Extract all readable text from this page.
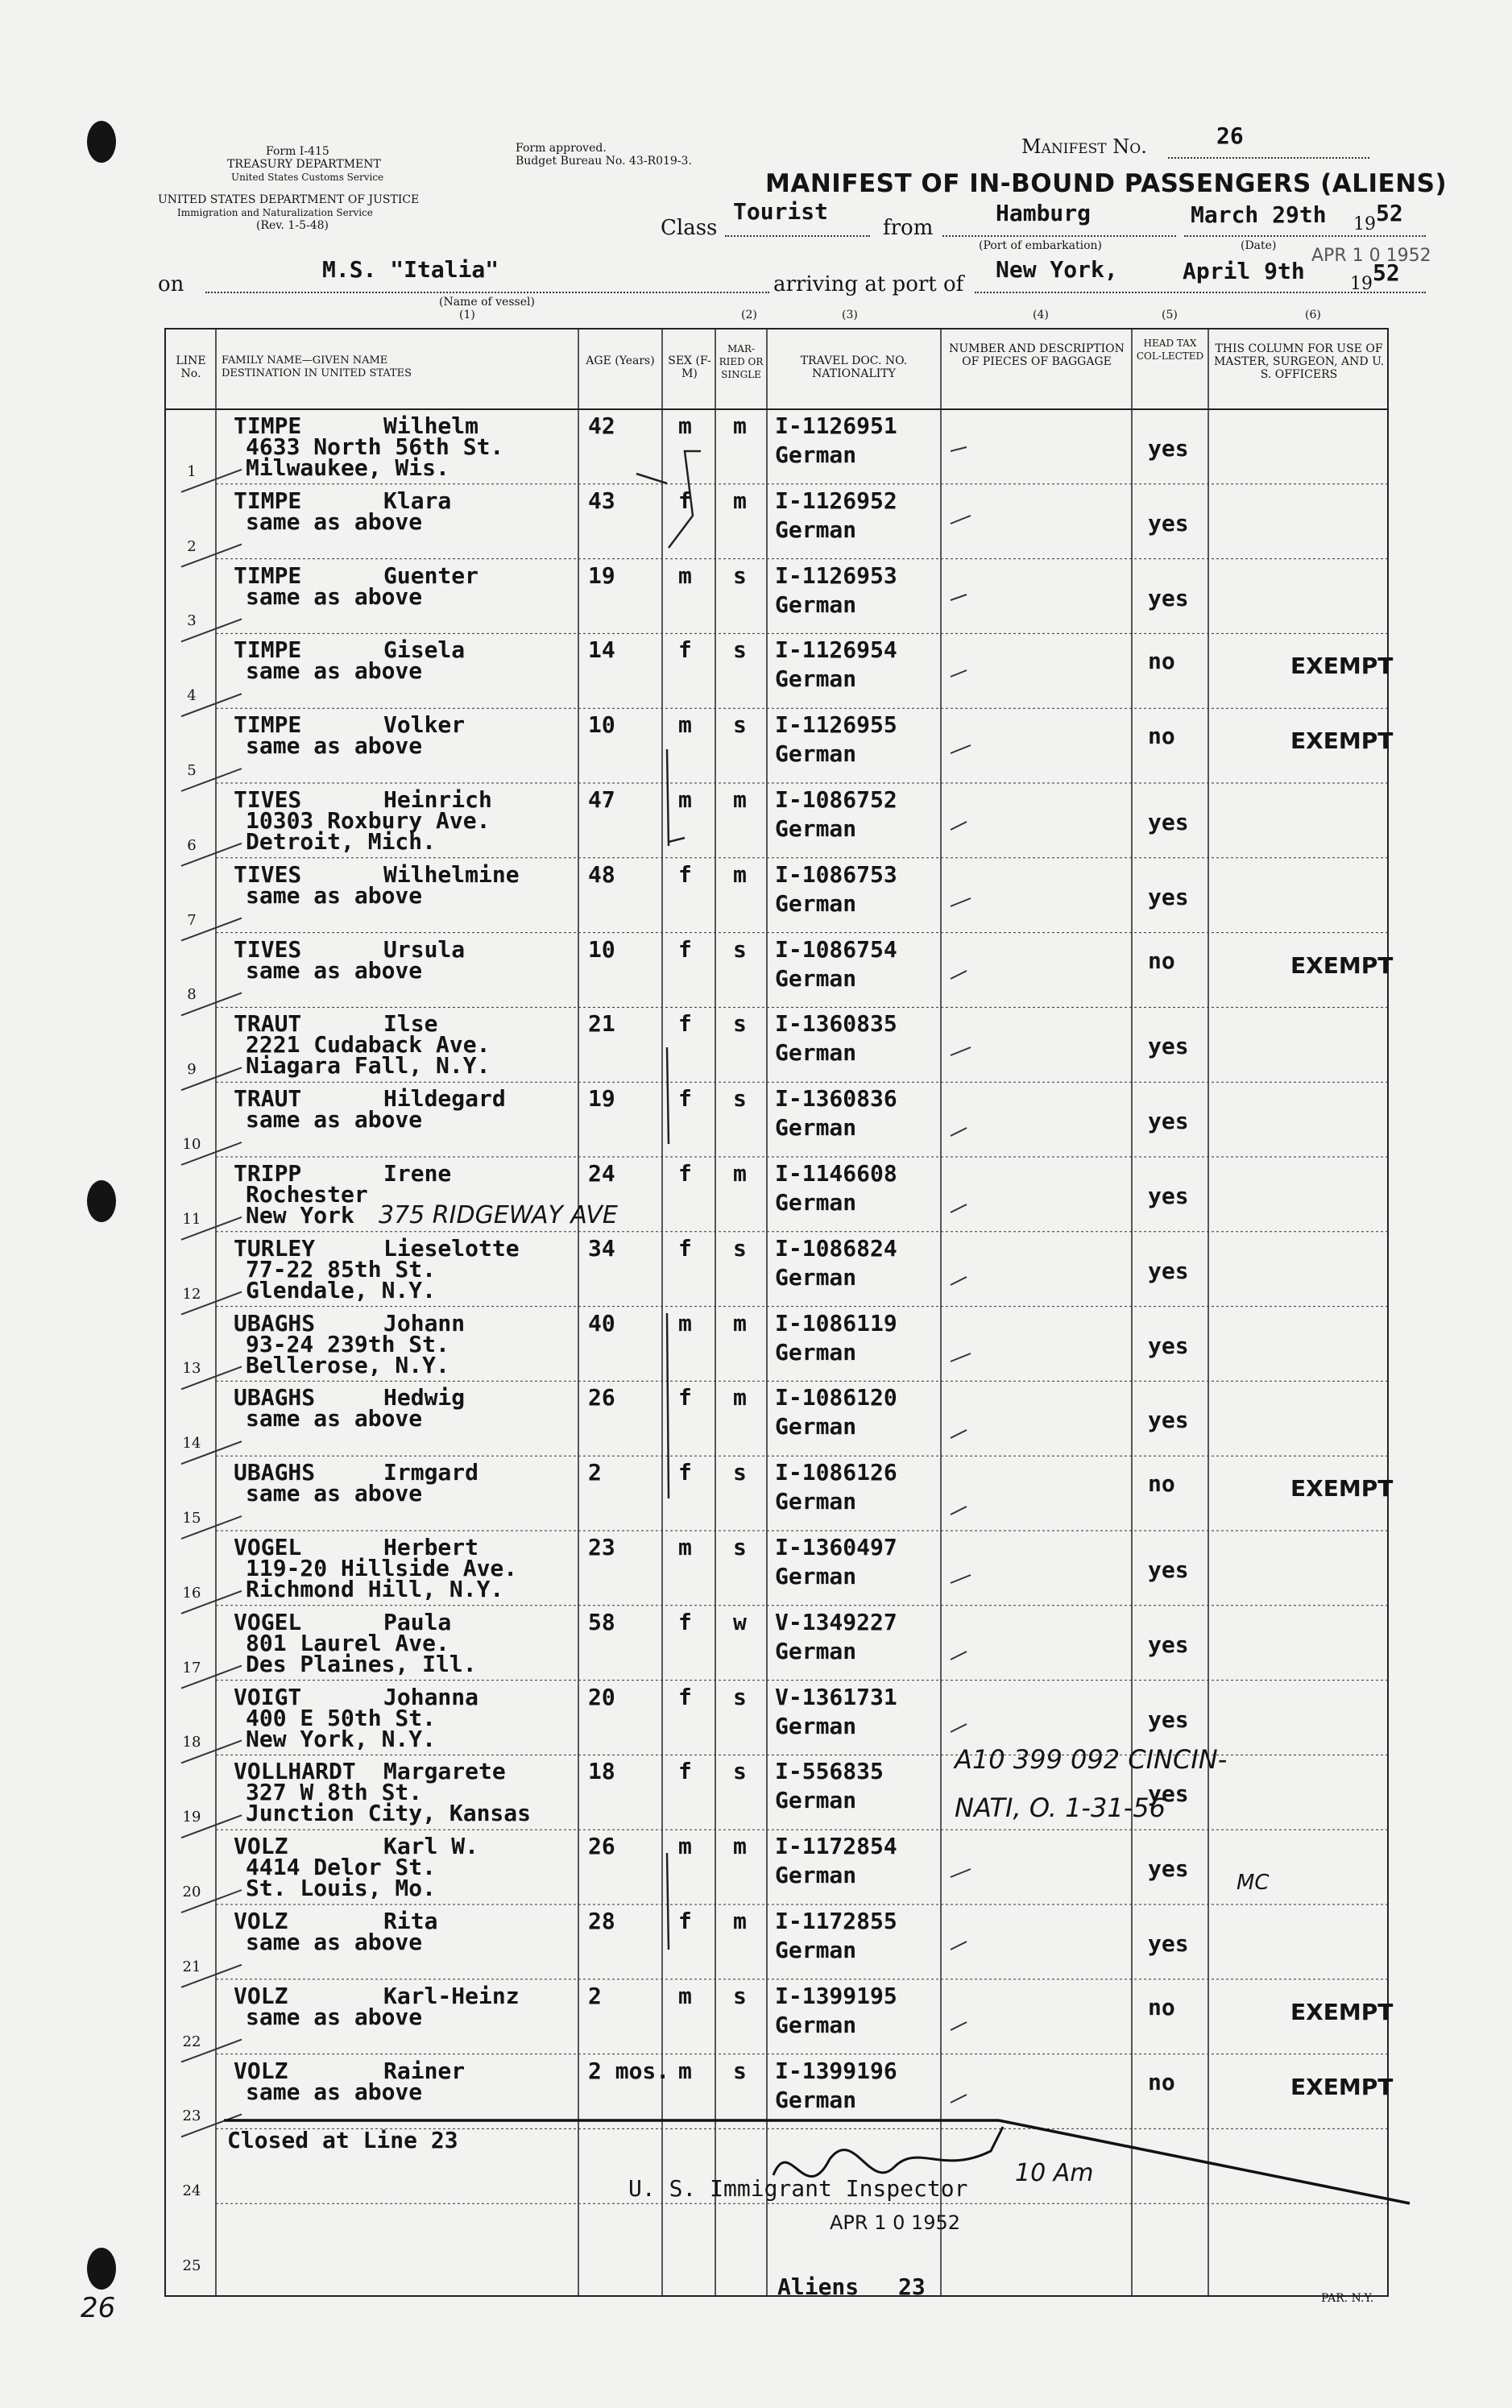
Form I-415
TREASURY DEPARTMENT
United States Customs Service
UNITED STATES DEPARTMENT OF JUSTICE
Immigration and Naturalization Service
(Rev. 1-5-48)
Form approved.
Budget Bureau No. 43-R019-3.
Manifest No.	26
MANIFEST OF IN-BOUND PASSENGERS (ALIENS)
Class
Tourist
from
Hamburg	March 29th 19 52
(Port of embarkation)	(Date) APR 1 0 1952
on
M.S. "Italia"
(Name of vessel)
arriving at port of
New York,	April 9th	19 52
(1)	(2)	(3)	(4)	(5)	(6)
LINE No.
FAMILY NAME—GIVEN NAME DESTINATION IN UNITED STATES
AGE (Years) SEX (F-M)
MAR-RIED OR SINGLE
TRAVEL DOC. NO. NATIONALITY
NUMBER AND DESCRIPTION OF PIECES OF BAGGAGE
HEAD TAX COL-LECTED
THIS COLUMN FOR USE OF MASTER, SURGEON, AND U. S. OFFICERS
1
TIMPE	Wilhelm
4633 North 56th St.
Milwaukee, Wis.
42	m m I-1126951
German	yes
2
TIMPE	Klara
same as above
43	f m I-1126952
German	yes
3
TIMPE	Guenter
same as above
19	m s I-1126953
German	yes
4
TIMPE	Gisela
same as above
14	f s I-1126954
German
no	EXEMPT
5
TIMPE	Volker
same as above
10	m s I-1126955
German
no	EXEMPT
6
TIVES	Heinrich
10303 Roxbury Ave.
Detroit, Mich.
47	m m I-1086752
German	yes
7
TIVES	Wilhelmine
same as above
48	f m I-1086753
German	yes
8
TIVES	Ursula
same as above
10	f s I-1086754
German
no	EXEMPT
9
TRAUT	Ilse
2221 Cudaback Ave.
Niagara Fall, N.Y.
21	f s I-1360835
German	yes
10
TRAUT	Hildegard
same as above
19	f s I-1360836
German	yes
11
TRIPP	Irene
Rochester
New York
24	f m I-1146608
German	yes
375 RIDGEWAY AVE
12
TURLEY	Lieselotte
77-22 85th St.
Glendale, N.Y.
34	f s I-1086824
German	yes
13
UBAGHS	Johann
93-24 239th St.
Bellerose, N.Y.
40	m m I-1086119
German	yes
14
UBAGHS	Hedwig
same as above
26	f m I-1086120
German	yes
15
UBAGHS	Irmgard
same as above
2	f s I-1086126
German
no	EXEMPT
16
VOGEL	Herbert
119-20 Hillside Ave.
Richmond Hill, N.Y.
23	m s I-1360497
German	yes
17
VOGEL	Paula
801 Laurel Ave.
Des Plaines, Ill.
58	f w V-1349227
German	yes
18
VOIGT	Johanna
400 E 50th St.
New York, N.Y.
20	f s V-1361731
German	yes
19
VOLLHARDT Margarete
327 W 8th St.
Junction City, Kansas
18	f s I-556835
German	yes
20
VOLZ	Karl W.
4414 Delor St.
St. Louis, Mo.
26	m m I-1172854
German	yes
21
VOLZ	Rita
same as above
28	f m I-1172855
German	yes
22
VOLZ	Karl-Heinz
same as above
2	m s I-1399195
German
no	EXEMPT
23
VOLZ	Rainer
same as above
2 mos. m s I-1399196
German
no	EXEMPT
24
25
A10 399 092 CINCIN-
NATI, O. 1-31-56
MC
Closed at Line 23
U. S. Immigrant Inspector
10 Am
APR 1 0 1952
Aliens 23
26	PAR. N.Y.
